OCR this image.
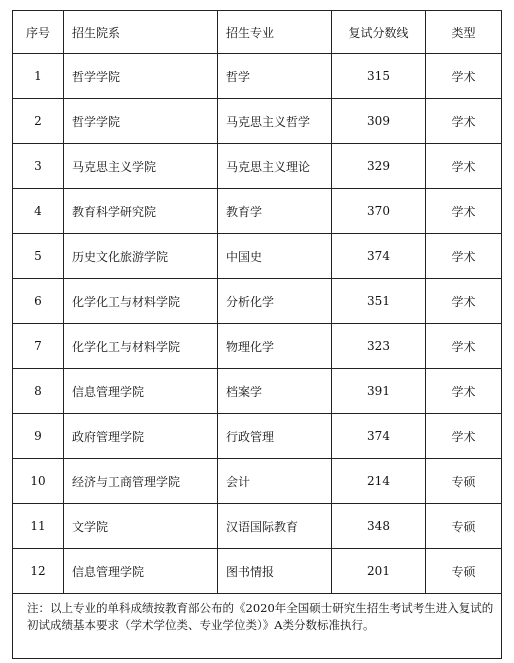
序号	招生院系	招生专业	复试分数线	类型
1	哲学学院	哲学	315	学术
2	哲学学院	马克思主义哲学	309	学术
3	马克思主义学院	马克思主义理论	329	学术
4	教育科学研究院	教育学	370	学术
5	历史文化旅游学院	中国史	374	学术
6	化学化工与材料学院	分析化学	351	学术
7	化学化工与材料学院	物理化学	323	学术
8	信息管理学院	档案学	391	学术
9	政府管理学院	行政管理	374	学术
10	经济与工商管理学院	会计	214	专硕
11	文学院	汉语国际教育	348	专硕
12	信息管理学院	图书情报	201	专硕
注：以上专业的单科成绩按教育部公布的《2020年全国硕士研究生招生考试考生进入复试的初试成绩基本要求（学术学位类、专业学位类）》A类分数标准执行。				
